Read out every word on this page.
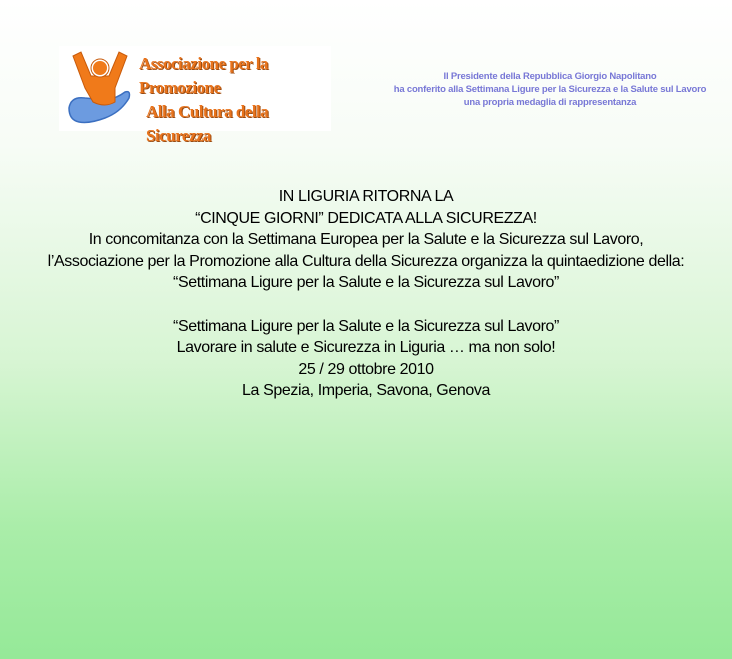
Associazione per la Promozione
Alla Cultura della Sicurezza
Il Presidente della Repubblica Giorgio Napolitano
ha conferito alla Settimana Ligure per la Sicurezza e la Salute sul Lavoro
una propria medaglia di rappresentanza
IN LIGURIA RITORNA LA
“CINQUE GIORNI” DEDICATA ALLA SICUREZZA!
In concomitanza con la Settimana Europea per la Salute e la Sicurezza sul Lavoro,
l’Associazione per la Promozione alla Cultura della Sicurezza organizza la quintaedizione della:
“Settimana Ligure per la Salute e la Sicurezza sul Lavoro”
“Settimana Ligure per la Salute e la Sicurezza sul Lavoro”
Lavorare in salute e Sicurezza in Liguria … ma non solo!
25 / 29 ottobre 2010
La Spezia, Imperia, Savona, Genova
